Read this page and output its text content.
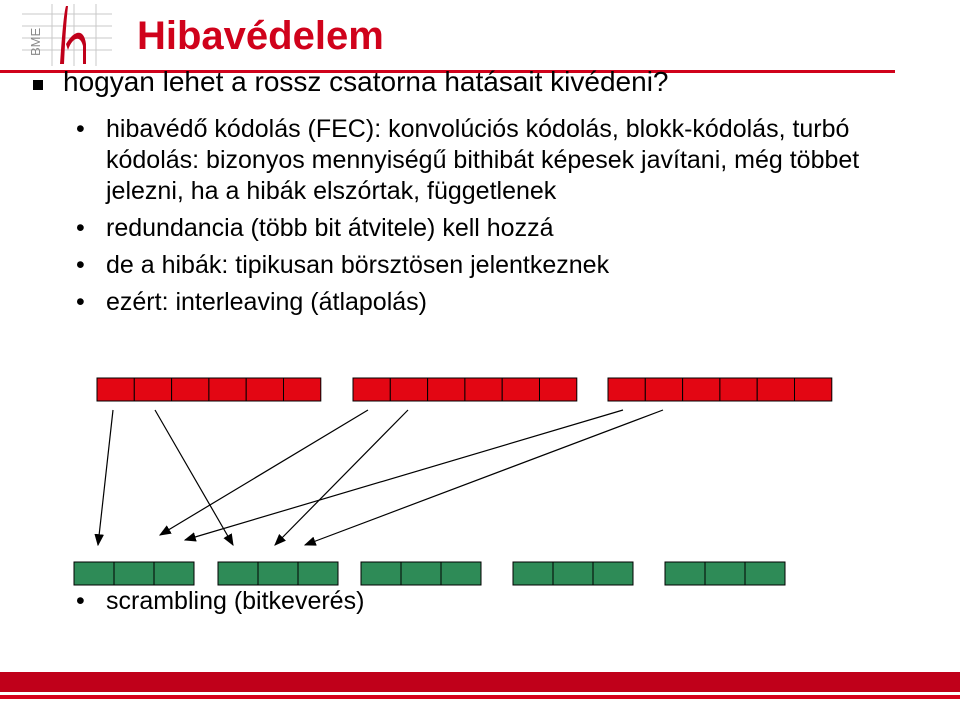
BME Hibavédelem
hogyan lehet a rossz csatorna hatásait kivédeni?
• hibavédő kódolás (FEC): konvolúciós kódolás, blokk-kódolás, turbó kódolás: bizonyos mennyiségű bithibát képesek javítani, még többet jelezni, ha a hibák elszórtak, függetlenek
• redundancia (több bit átvitele) kell hozzá
• de a hibák: tipikusan börsztösen jelentkeznek
• ezért: interleaving (átlapolás)
• scrambling (bitkeverés)
